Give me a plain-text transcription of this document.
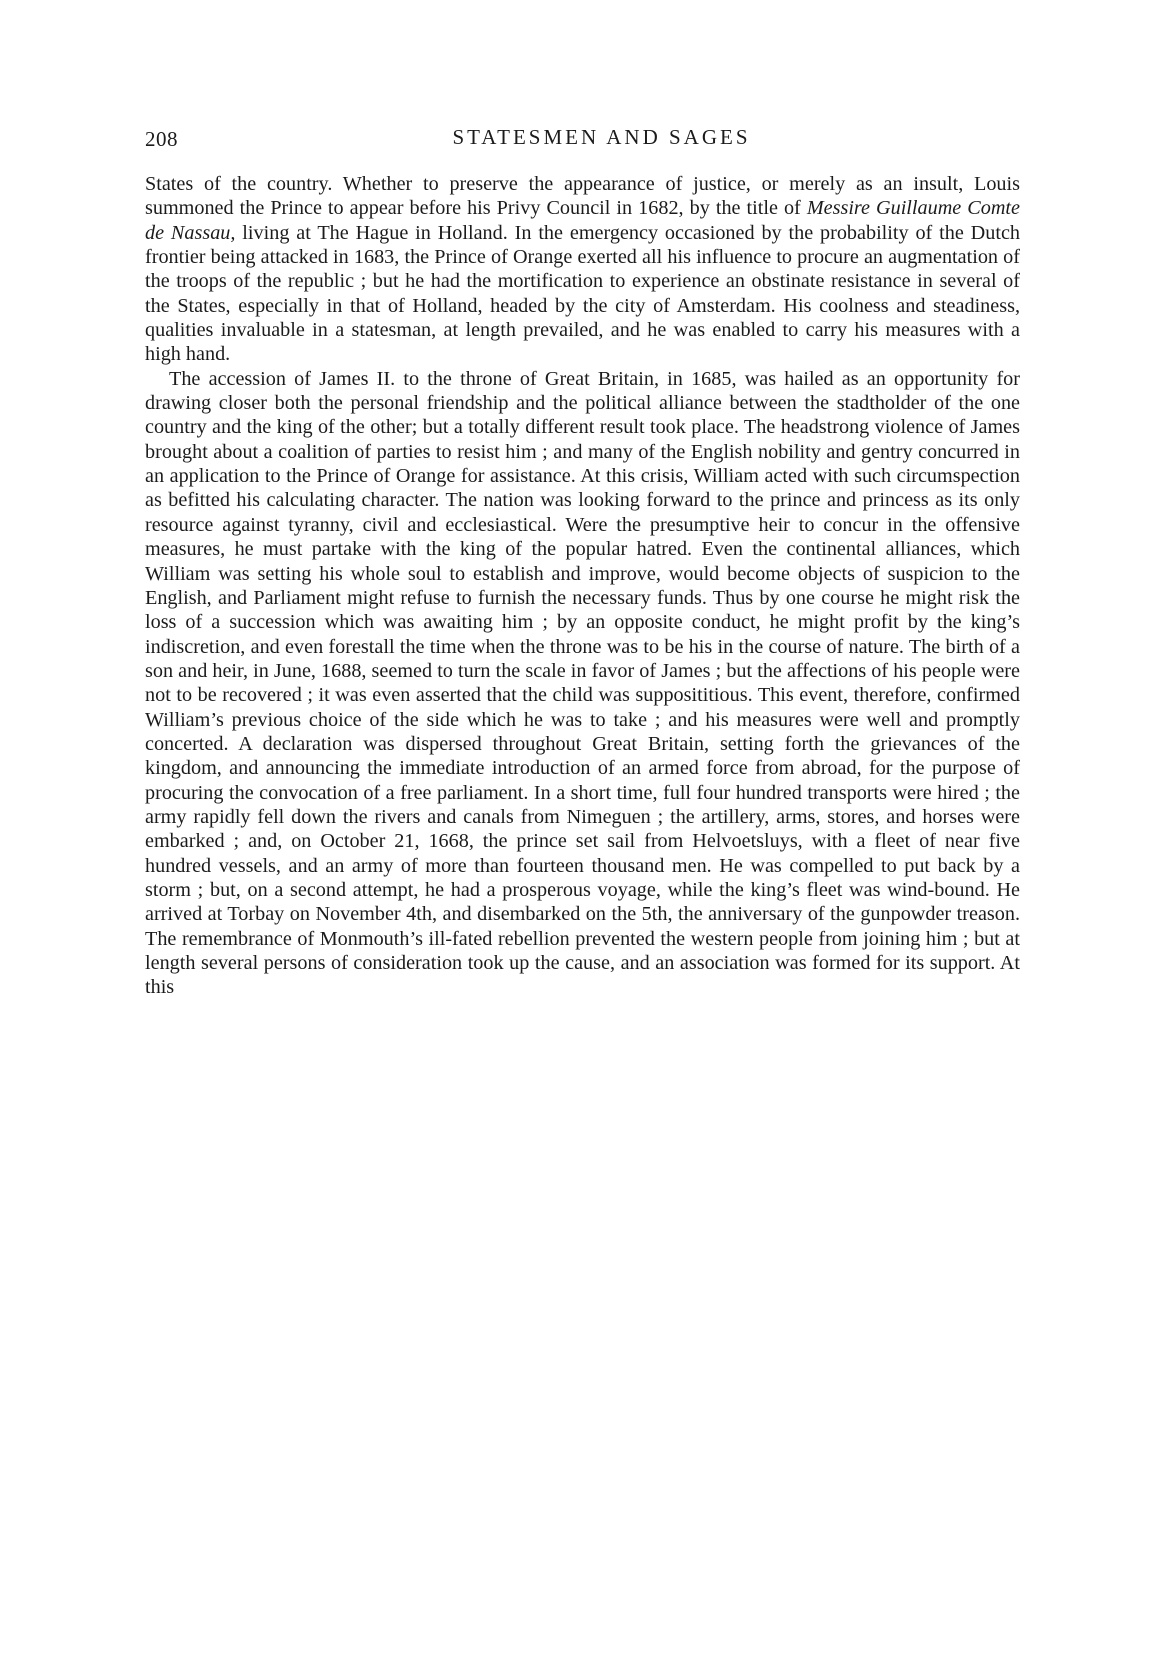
208	STATESMEN AND SAGES

States of the country. Whether to preserve the appearance of justice, or merely as an insult, Louis summoned the Prince to appear before his Privy Council in 1682, by the title of Messire Guillaume Comte de Nassau, living at The Hague in Holland. In the emergency occasioned by the probability of the Dutch frontier being attacked in 1683, the Prince of Orange exerted all his influence to procure an augmentation of the troops of the republic ; but he had the mortification to experience an obstinate resistance in several of the States, especially in that of Holland, headed by the city of Amsterdam. His coolness and steadiness, qualities invaluable in a statesman, at length prevailed, and he was enabled to carry his measures with a high hand.

The accession of James II. to the throne of Great Britain, in 1685, was hailed as an opportunity for drawing closer both the personal friendship and the political alliance between the stadtholder of the one country and the king of the other; but a totally different result took place. The headstrong violence of James brought about a coalition of parties to resist him ; and many of the English nobility and gentry concurred in an application to the Prince of Orange for assistance. At this crisis, William acted with such circumspection as befitted his calculating character. The nation was looking forward to the prince and princess as its only resource against tyranny, civil and ecclesiastical. Were the presumptive heir to concur in the offensive measures, he must partake with the king of the popular hatred. Even the continental alliances, which William was setting his whole soul to establish and improve, would become objects of suspicion to the English, and Parliament might refuse to furnish the necessary funds. Thus by one course he might risk the loss of a succession which was awaiting him ; by an opposite conduct, he might profit by the king’s indiscretion, and even forestall the time when the throne was to be his in the course of nature. The birth of a son and heir, in June, 1688, seemed to turn the scale in favor of James ; but the affections of his people were not to be recovered ; it was even asserted that the child was supposititious. This event, therefore, confirmed William’s previous choice of the side which he was to take ; and his measures were well and promptly concerted. A declaration was dispersed throughout Great Britain, setting forth the grievances of the kingdom, and announcing the immediate introduction of an armed force from abroad, for the purpose of procuring the convocation of a free parliament. In a short time, full four hundred transports were hired ; the army rapidly fell down the rivers and canals from Nimeguen ; the artillery, arms, stores, and horses were embarked ; and, on October 21, 1668, the prince set sail from Helvoetsluys, with a fleet of near five hundred vessels, and an army of more than fourteen thousand men. He was compelled to put back by a storm ; but, on a second attempt, he had a prosperous voyage, while the king’s fleet was wind-bound. He arrived at Torbay on November 4th, and disembarked on the 5th, the anniversary of the gunpowder treason. The remembrance of Monmouth’s ill-fated rebellion prevented the western people from joining him ; but at length several persons of consideration took up the cause, and an association was formed for its support. At this
